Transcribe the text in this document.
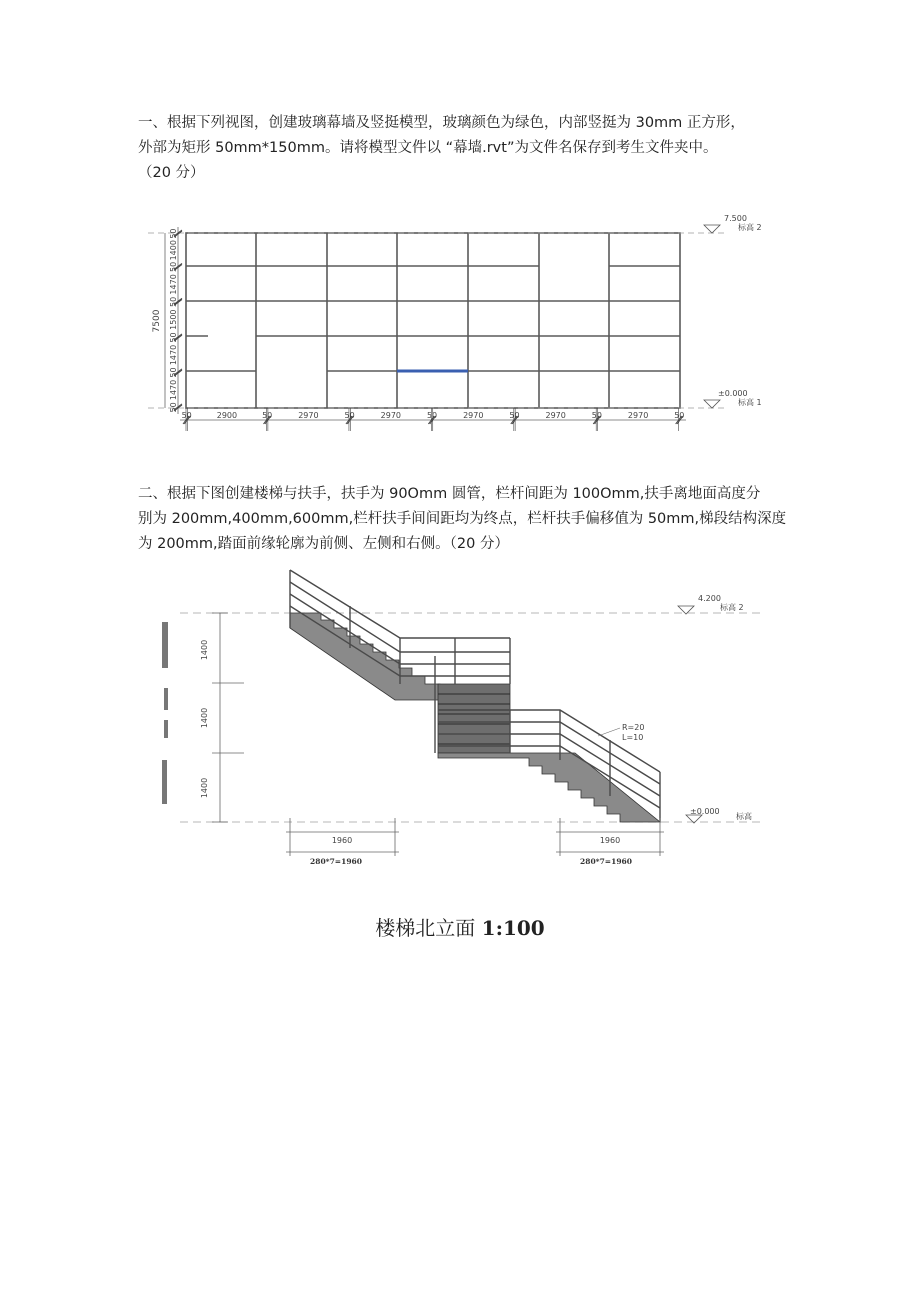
一、根据下列视图，创建玻璃幕墙及竖挺模型，玻璃颜色为绿色，内部竖挺为 30mm 正方形，
外部为矩形 50mm*150mm。请将模型文件以 “幕墙.rvt”为文件名保存到考生文件夹中。
（20 分）
7.500
标高 2
±0.000
标高 1
50
1400
50
1470
50
1500
50
1470
50
1470
50
7500
50	2900	50	2970	50	2970	50	2970	50	2970	50	2970	50
二、根据下图创建楼梯与扶手，扶手为 90Omm 圆管，栏杆间距为 100Omm,扶手离地面高度分
别为 200mm,400mm,600mm,栏杆扶手间间距均为终点，栏杆扶手偏移值为 50mm,梯段结构深度
为 200mm,踏面前缘轮廓为前侧、左侧和右侧。（20 分）
4.200
标高 2
±0.000
标高
1400
1400
1400
R=20
L=10
1960	1960
280*7=1960	280*7=1960
楼梯北立面 1:100
